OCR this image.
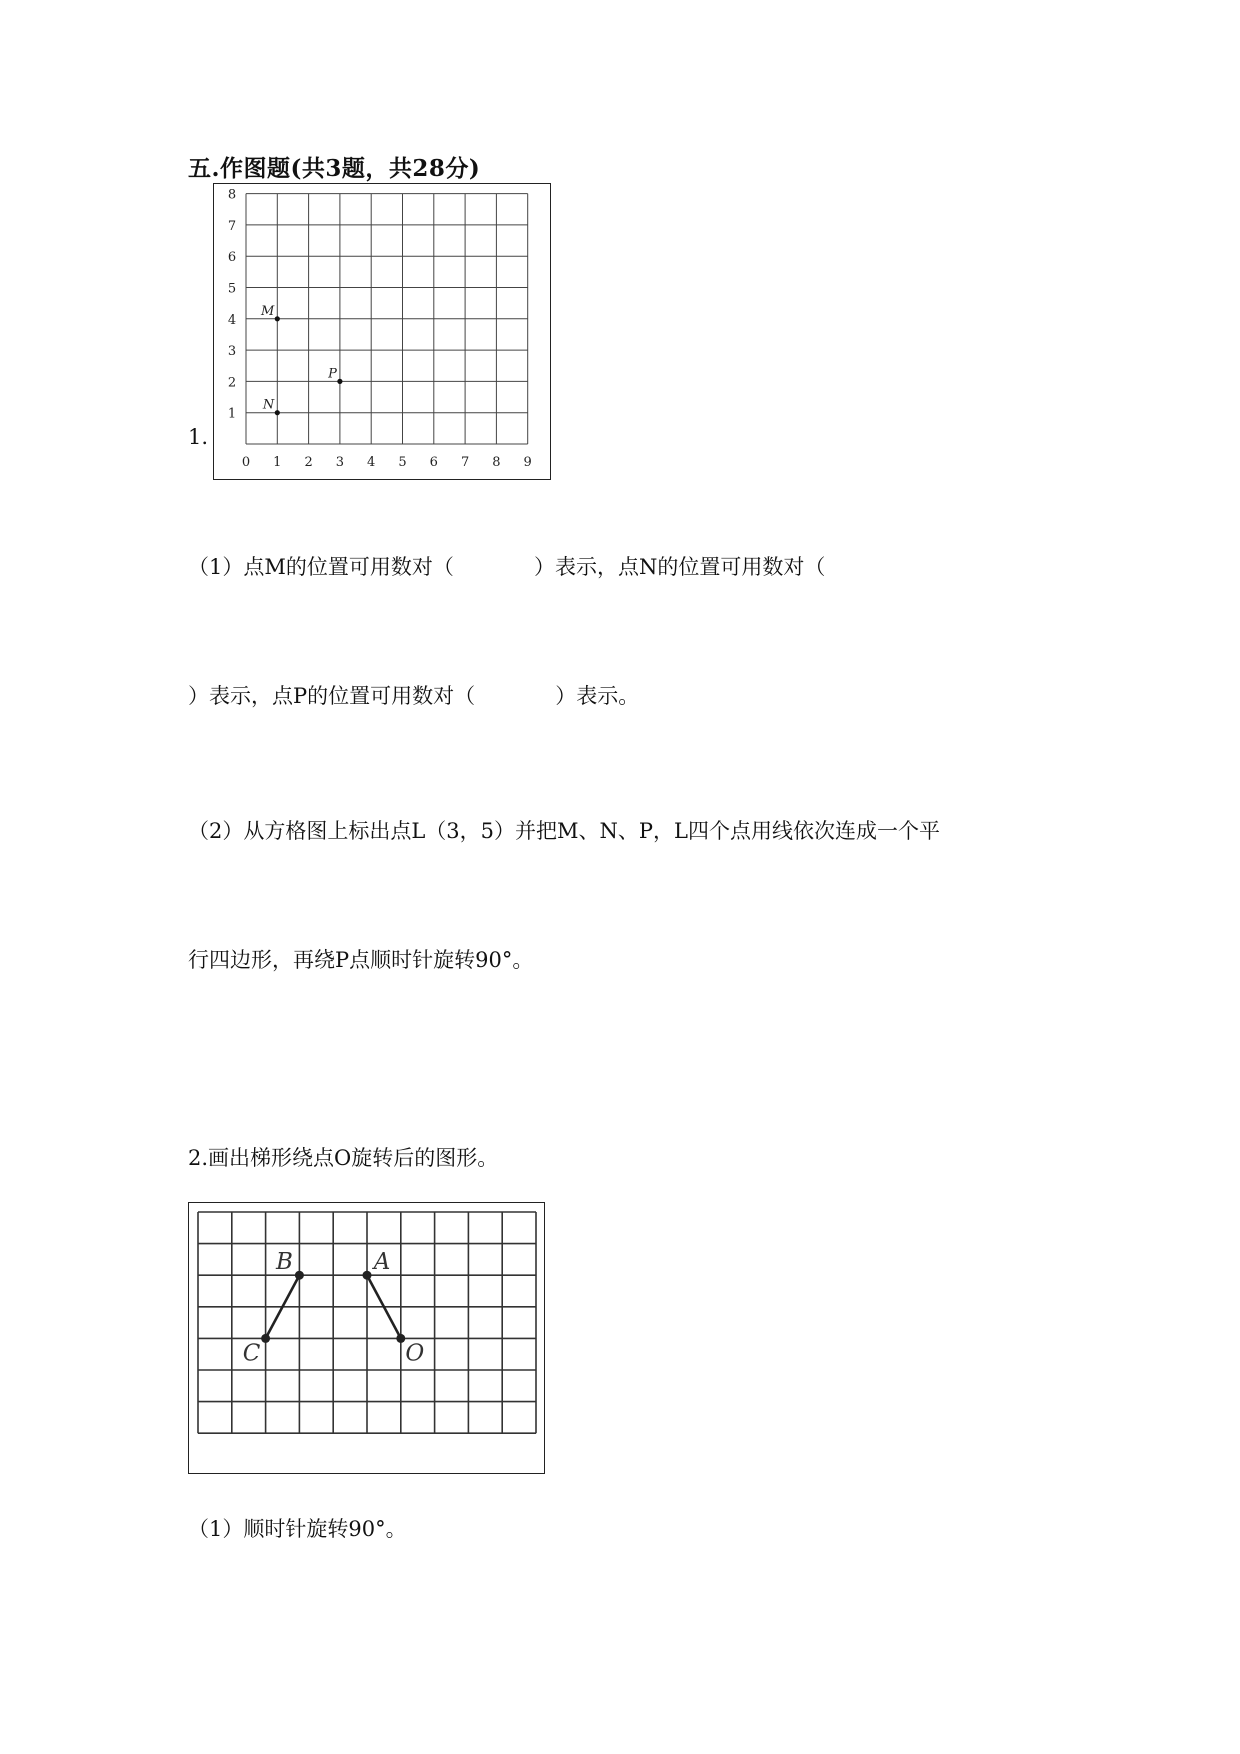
五.作图题(共3题，共28分)
1.
0 1 2 3 4 5 6 7 8 9
1
2
3
4
5
6
7
8
M
P
N
（1）点M的位置可用数对（            ）表示，点N的位置可用数对（
）表示，点P的位置可用数对（            ）表示。
（2）从方格图上标出点L（3，5）并把M、N、P，L四个点用线依次连成一个平
行四边形，再绕P点顺时针旋转90°。
2.画出梯形绕点O旋转后的图形。
B	A
C	O
（1）顺时针旋转90°。
